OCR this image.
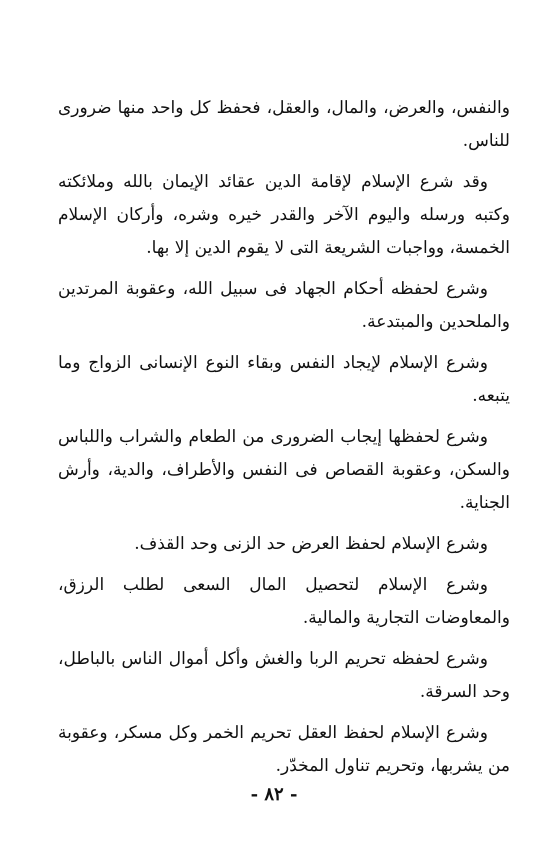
والنفس، والعرض، والمال، والعقل، فحفظ كل واحد منها ضرورى للناس.

وقد شرع الإسلام لإقامة الدين عقائد الإيمان بالله وملائكته وكتبه ورسله واليوم الآخر والقدر خيره وشره، وأركان الإسلام الخمسة، وواجبات الشريعة التى لا يقوم الدين إلا بها.

وشرع لحفظه أحكام الجهاد فى سبيل الله، وعقوبة المرتدين والملحدين والمبتدعة.

وشرع الإسلام لإيجاد النفس وبقاء النوع الإنسانى الزواج وما يتبعه.

وشرع لحفظها إيجاب الضرورى من الطعام والشراب واللباس والسكن، وعقوبة القصاص فى النفس والأطراف، والدية، وأرش الجناية.

وشرع الإسلام لحفظ العرض حد الزنى وحد القذف.

وشرع الإسلام لتحصيل المال السعى لطلب الرزق، والمعاوضات التجارية والمالية.

وشرع لحفظه تحريم الربا والغش وأكل أموال الناس بالباطل، وحد السرقة.

وشرع الإسلام لحفظ العقل تحريم الخمر وكل مسكر، وعقوبة من يشربها، وتحريم تناول المخدّر.

- ٨٢ -
